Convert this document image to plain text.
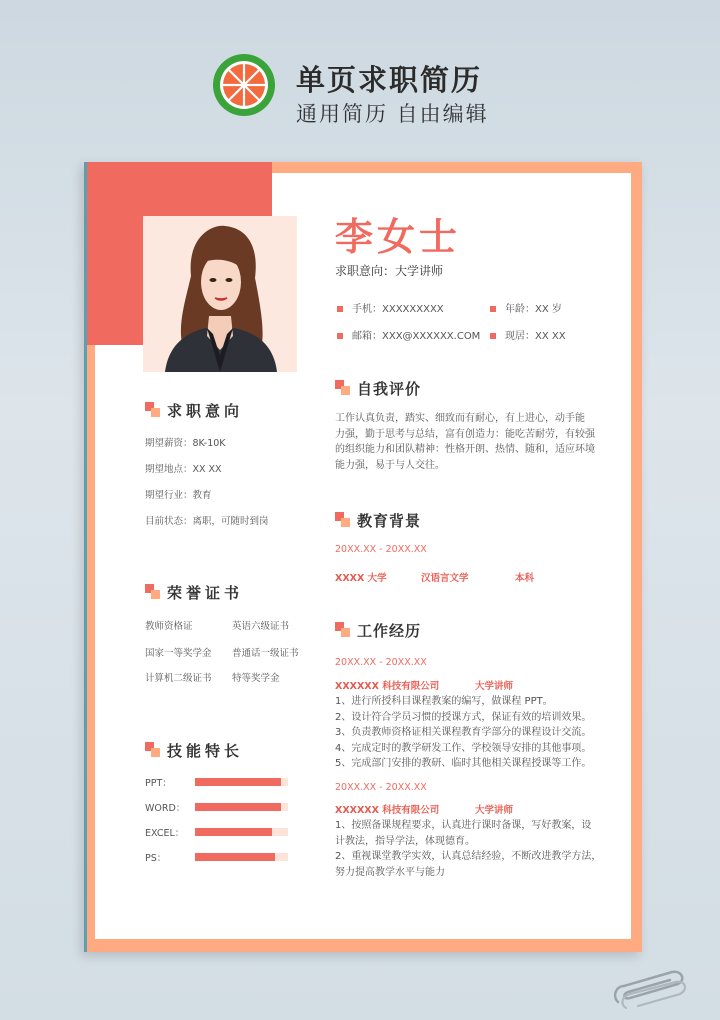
单页求职简历
通用简历 自由编辑
李女士
求职意向：大学讲师
手机：XXXXXXXXX	年龄：XX 岁
邮箱：XXX@XXXXXX.COM	现居：XX XX
求职意向
期望薪资：8K-10K
期望地点：XX XX
期望行业：教育
目前状态：离职，可随时到岗
荣誉证书
教师资格证	英语六级证书
国家一等奖学金 普通话一级证书
计算机二级证书 特等奖学金
技能特长
PPT：
WORD：
EXCEL：
PS：
自我评价
工作认真负责，踏实、细致而有耐心，有上进心，动手能
力强，勤于思考与总结，富有创造力：能吃苦耐劳，有较强
的组织能力和团队精神：性格开朗、热情、随和，适应环境
能力强，易于与人交往。
教育背景
20XX.XX - 20XX.XX
XXXX 大学	汉语言文学	本科
工作经历
20XX.XX - 20XX.XX
XXXXXX 科技有限公司	大学讲师
1、进行所授科目课程教案的编写，做课程 PPT。
2、设计符合学员习惯的授课方式，保证有效的培训效果。
3、负责教师资格证相关课程教育学部分的课程设计交流。
4、完成定时的教学研发工作、学校领导安排的其他事项。
5、完成部门安排的教研、临时其他相关课程授课等工作。
20XX.XX - 20XX.XX
XXXXXX 科技有限公司	大学讲师
1、按照备课规程要求，认真进行课时备课，写好教案，设
计教法，指导学法，体现德育。
2、重视课堂教学实效，认真总结经验，不断改进教学方法，
努力提高教学水平与能力
